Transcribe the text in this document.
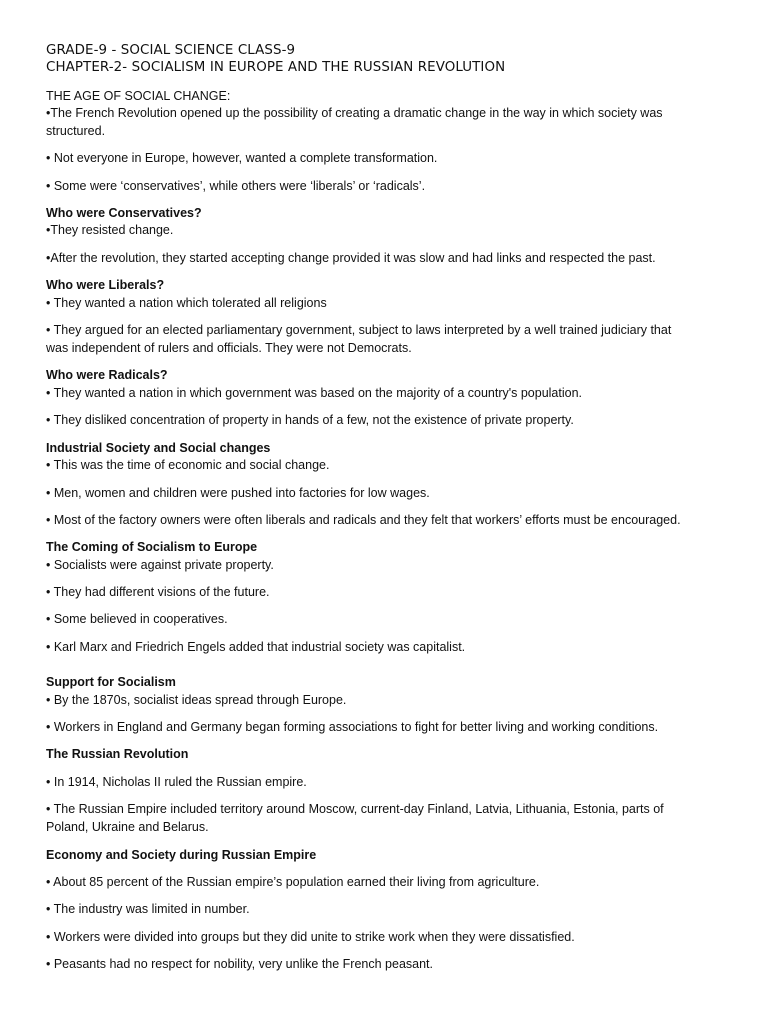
GRADE-9 - SOCIAL SCIENCE CLASS-9
CHAPTER-2- SOCIALISM IN EUROPE AND THE RUSSIAN REVOLUTION
THE AGE OF SOCIAL CHANGE:
•The French Revolution opened up the possibility of creating a dramatic change in the way in which society was
structured.
• Not everyone in Europe, however, wanted a complete transformation.
• Some were ‘conservatives’, while others were ‘liberals’ or ‘radicals’.
Who were Conservatives?
•They resisted change.
•After the revolution, they started accepting change provided it was slow and had links and respected the past.
Who were Liberals?
• They wanted a nation which tolerated all religions
• They argued for an elected parliamentary government, subject to laws interpreted by a well trained judiciary that
was independent of rulers and officials. They were not Democrats.
Who were Radicals?
• They wanted a nation in which government was based on the majority of a country's population.
• They disliked concentration of property in hands of a few, not the existence of private property.
Industrial Society and Social changes
• This was the time of economic and social change.
• Men, women and children were pushed into factories for low wages.
• Most of the factory owners were often liberals and radicals and they felt that workers’ efforts must be encouraged.
The Coming of Socialism to Europe
• Socialists were against private property.
• They had different visions of the future.
• Some believed in cooperatives.
• Karl Marx and Friedrich Engels added that industrial society was capitalist.
Support for Socialism
• By the 1870s, socialist ideas spread through Europe.
• Workers in England and Germany began forming associations to fight for better living and working conditions.
The Russian Revolution
• In 1914, Nicholas II ruled the Russian empire.
• The Russian Empire included territory around Moscow, current-day Finland, Latvia, Lithuania, Estonia, parts of
Poland, Ukraine and Belarus.
Economy and Society during Russian Empire
• About 85 percent of the Russian empire’s population earned their living from agriculture.
• The industry was limited in number.
• Workers were divided into groups but they did unite to strike work when they were dissatisfied.
• Peasants had no respect for nobility, very unlike the French peasant.
